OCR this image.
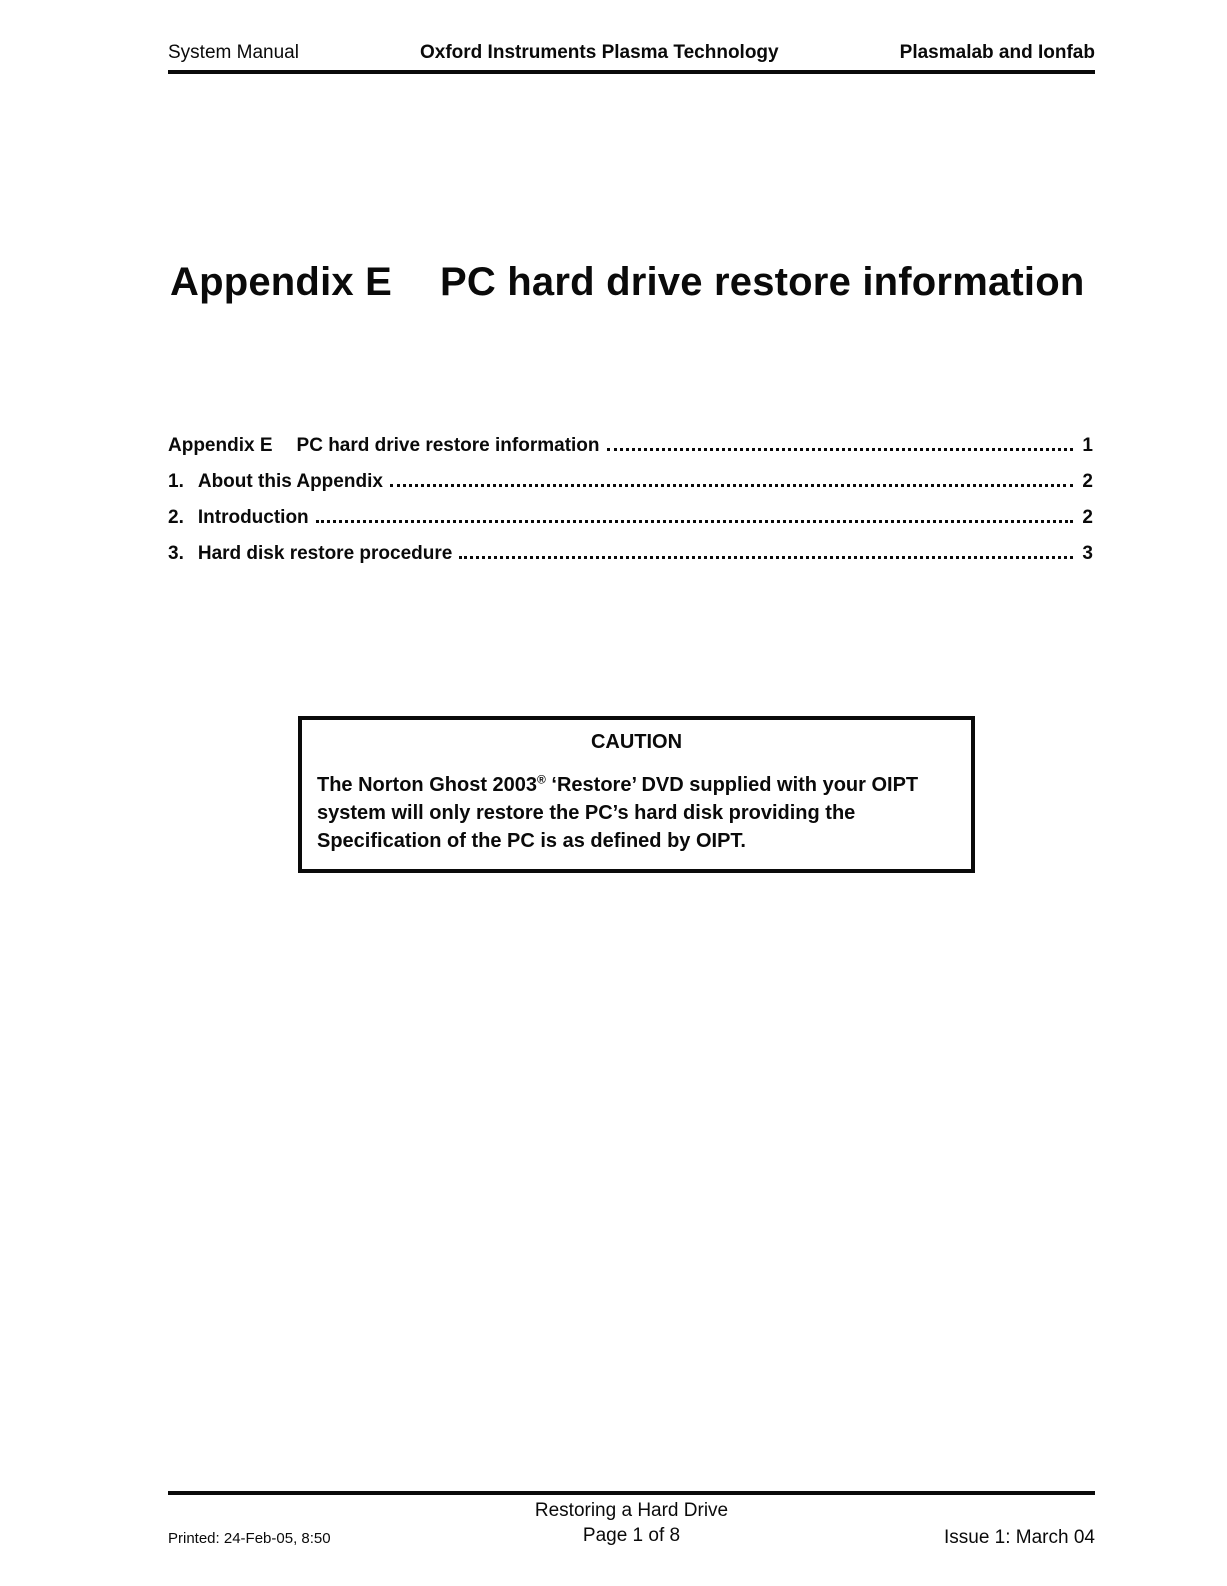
System Manual	Oxford Instruments Plasma Technology	Plasmalab and Ionfab
Appendix E	PC hard drive restore information
Appendix E PC hard drive restore information	1
1. About this Appendix	2
2. Introduction	2
3. Hard disk restore procedure	3
CAUTION
The Norton Ghost 2003® ‘Restore’ DVD supplied with your OIPT
system will only restore the PC’s hard disk providing the
Specification of the PC is as defined by OIPT.
Restoring a Hard Drive
Printed: 24-Feb-05, 8:50	Page 1 of 8	Issue 1: March 04
